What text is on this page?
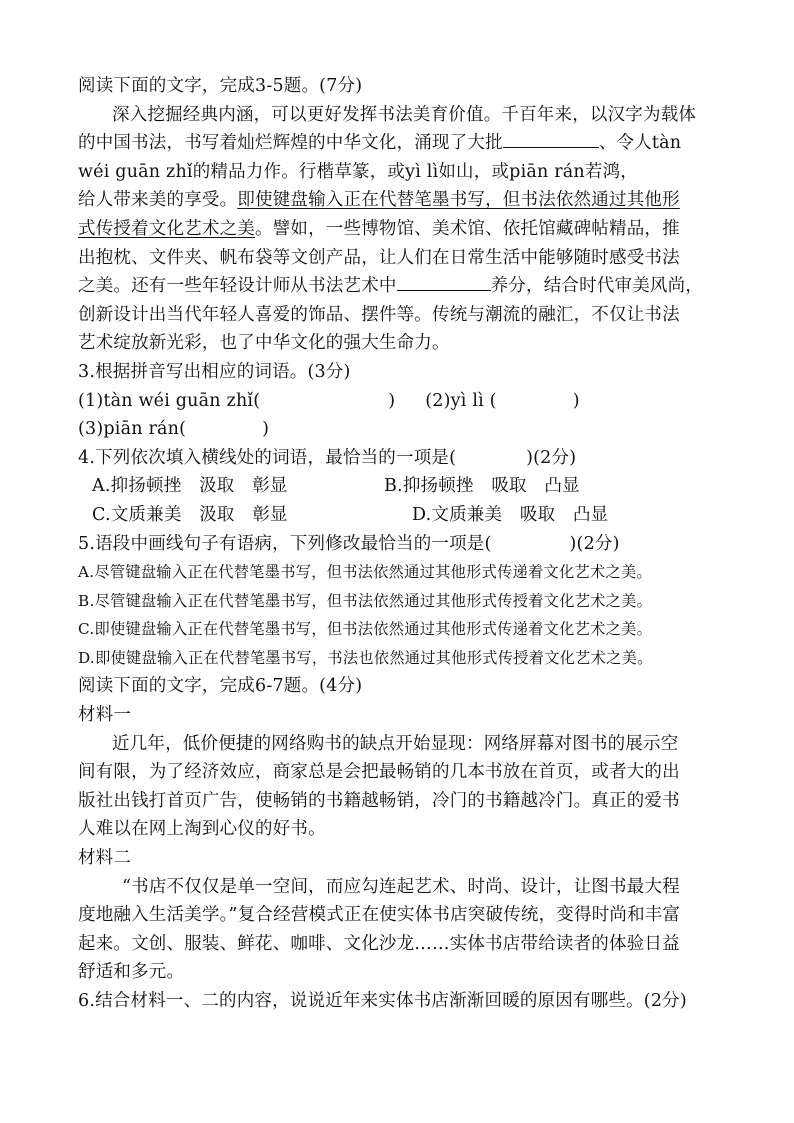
阅读下面的文字，完成3-5题。(7分)
深入挖掘经典内涵，可以更好发挥书法美育价值。千百年来，以汉字为载体
的中国书法，书写着灿烂辉煌的中华文化，涌现了大批	、令人tàn
wéi guān zhǐ的精品力作。行楷草篆，或yì lì如山，或piān rán若鸿，
给人带来美的享受。即使键盘输入正在代替笔墨书写，但书法依然通过其他形
式传授着文化艺术之美。譬如，一些博物馆、美术馆、依托馆藏碑帖精品，推
出抱枕、文件夹、帆布袋等文创产品，让人们在日常生活中能够随时感受书法
之美。还有一些年轻设计师从书法艺术中	养分，结合时代审美风尚，
创新设计出当代年轻人喜爱的饰品、摆件等。传统与潮流的融汇，不仅让书法
艺术绽放新光彩，也了中华文化的强大生命力。
3.根据拼音写出相应的词语。(3分)
(1)tàn wéi guān zhǐ(	) (2)yì lì (	)
(3)piān rán(	)
4.下列依次填入横线处的词语，最恰当的一项是(	)(2分)
A.抑扬顿挫　汲取　彰显	B.抑扬顿挫　吸取　凸显
C.文质兼美　汲取　彰显	D.文质兼美　吸取　凸显
5.语段中画线句子有语病，下列修改最恰当的一项是(	)(2分)
A.尽管键盘输入正在代替笔墨书写，但书法依然通过其他形式传递着文化艺术之美。
B.尽管键盘输入正在代替笔墨书写，但书法依然通过其他形式传授着文化艺术之美。
C.即使键盘输入正在代替笔墨书写，但书法依然通过其他形式传递着文化艺术之美。
D.即使键盘输入正在代替笔墨书写，书法也依然通过其他形式传授着文化艺术之美。
阅读下面的文字，完成6-7题。(4分)
材料一
近几年，低价便捷的网络购书的缺点开始显现：网络屏幕对图书的展示空
间有限，为了经济效应，商家总是会把最畅销的几本书放在首页，或者大的出
版社出钱打首页广告，使畅销的书籍越畅销，冷门的书籍越冷门。真正的爱书
人难以在网上淘到心仪的好书。
材料二
“书店不仅仅是单一空间，而应勾连起艺术、时尚、设计，让图书最大程
度地融入生活美学。”复合经营模式正在使实体书店突破传统，变得时尚和丰富
起来。文创、服装、鲜花、咖啡、文化沙龙……实体书店带给读者的体验日益
舒适和多元。
6.结合材料一、二的内容，说说近年来实体书店渐渐回暖的原因有哪些。(2分)
